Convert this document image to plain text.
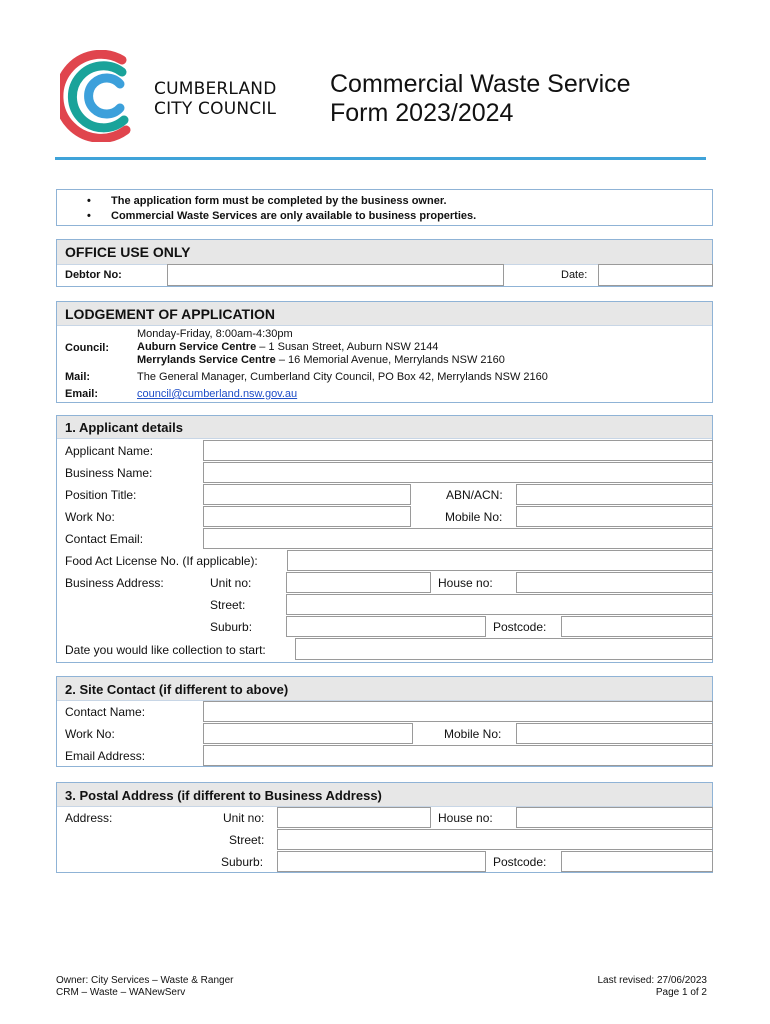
CUMBERLAND
CITY COUNCIL
Commercial Waste Service
Form 2023/2024
• The application form must be completed by the business owner.
• Commercial Waste Services are only available to business properties.
OFFICE USE ONLY
Debtor No:	Date:
LODGEMENT OF APPLICATION
Council:
Monday-Friday, 8:00am-4:30pm
Auburn Service Centre – 1 Susan Street, Auburn NSW 2144
Merrylands Service Centre – 16 Memorial Avenue, Merrylands NSW 2160
Mail:	The General Manager, Cumberland City Council, PO Box 42, Merrylands NSW 2160
Email:	council@cumberland.nsw.gov.au
1. Applicant details
Applicant Name:
Business Name:
Position Title:	ABN/ACN:
Work No:	Mobile No:
Contact Email:
Food Act License No. (If applicable):
Business Address:	Unit no:	House no:
Street:
Suburb:	Postcode:
Date you would like collection to start:
2. Site Contact (if different to above)
Contact Name:
Work No:	Mobile No:
Email Address:
3. Postal Address (if different to Business Address)
Address:	Unit no:	House no:
Street:
Suburb:	Postcode:
Owner: City Services – Waste & Ranger
CRM – Waste – WANewServ
Last revised: 27/06/2023
Page 1 of 2
